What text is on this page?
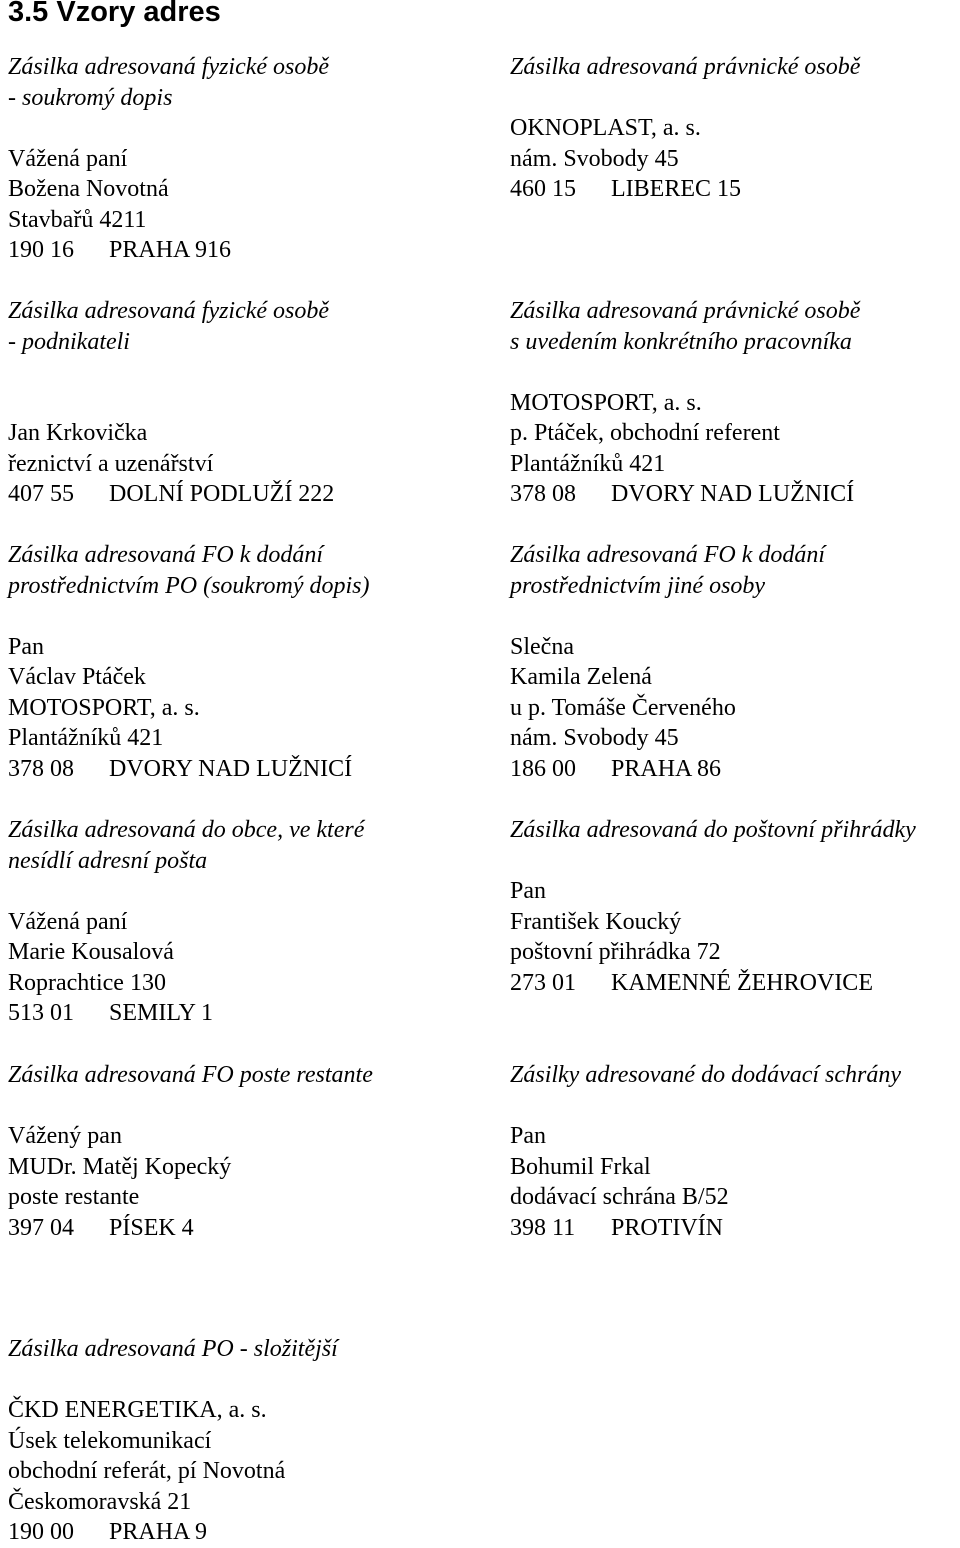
3.5 Vzory adres
Zásilka adresovaná fyzické osobě
- soukromý dopis

Vážená paní
Božena Novotná
Stavbařů 4211
190 16 PRAHA 916
Zásilka adresovaná fyzické osobě
- podnikateli

Jan Krkovička
řeznictví a uzenářství
407 55 DOLNÍ PODLUŽÍ 222
Zásilka adresovaná FO k dodání
prostřednictvím PO (soukromý dopis)

Pan
Václav Ptáček
MOTOSPORT, a. s.
Plantážníků 421
378 08 DVORY NAD LUŽNICÍ
Zásilka adresovaná do obce, ve které
nesídlí adresní pošta

Vážená paní
Marie Kousalová
Roprachtice 130
513 01 SEMILY 1
Zásilka adresovaná FO poste restante

Vážený pan
MUDr. Matěj Kopecký
poste restante
397 04 PÍSEK 4
Zásilka adresovaná PO - složitější

ČKD ENERGETIKA, a. s.
Úsek telekomunikací
obchodní referát, pí Novotná
Českomoravská 21
190 00 PRAHA 9
Zásilka adresovaná právnické osobě

OKNOPLAST, a. s.
nám. Svobody 45
460 15 LIBEREC 15
Zásilka adresovaná právnické osobě
s uvedením konkrétního pracovníka

MOTOSPORT, a. s.
p. Ptáček, obchodní referent
Plantážníků 421
378 08 DVORY NAD LUŽNICÍ
Zásilka adresovaná FO k dodání
prostřednictvím jiné osoby

Slečna
Kamila Zelená
u p. Tomáše Červeného
nám. Svobody 45
186 00 PRAHA 86
Zásilka adresovaná do poštovní přihrádky

Pan
František Koucký
poštovní přihrádka 72
273 01 KAMENNÉ ŽEHROVICE
Zásilky adresované do dodávací schrány

Pan
Bohumil Frkal
dodávací schrána B/52
398 11 PROTIVÍN
